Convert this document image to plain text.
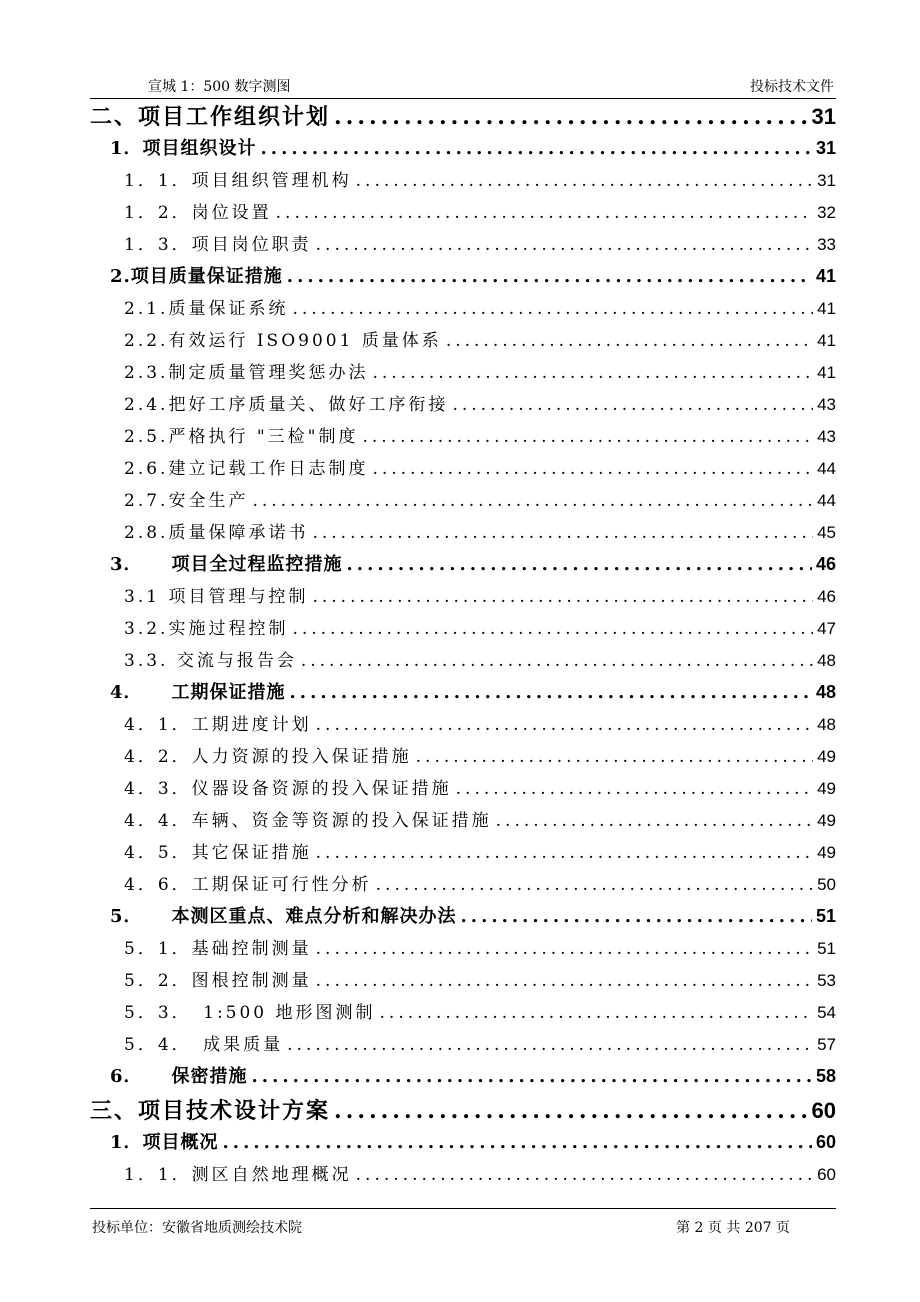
宣城 1：500 数字测图	投标技术文件
二、项目工作组织计划 .....	31
1．项目组织设计 .....	31
1．1．项目组织管理机构 .....	31
1．2．岗位设置 .....	32
1．3．项目岗位职责 .....	33
2.项目质量保证措施 .....	41
2.1.质量保证系统 .....	41
2.2.有效运行 ISO9001 质量体系 .....	41
2.3.制定质量管理奖惩办法 .....	41
2.4.把好工序质量关、做好工序衔接 .....	43
2.5.严格执行 "三检"制度 .....	43
2.6.建立记载工作日志制度 .....	44
2.7.安全生产 .....	44
2.8.质量保障承诺书 .....	45
3．　　项目全过程监控措施 .....	46
3.1 项目管理与控制 .....	46
3.2.实施过程控制 .....	47
3.3. 交流与报告会 .....	48
4．　　工期保证措施 .....	48
4．1．工期进度计划 .....	48
4．2．人力资源的投入保证措施 .....	49
4．3．仪器设备资源的投入保证措施 .....	49
4．4．车辆、资金等资源的投入保证措施 .....	49
4．5．其它保证措施 .....	49
4．6．工期保证可行性分析 .....	50
5．　　本测区重点、难点分析和解决办法 .....	51
5．1．基础控制测量 .....	51
5．2．图根控制测量 .....	53
5．3．　1:500 地形图测制 .....	54
5．4．　成果质量 .....	57
6．　　保密措施 .....	58
三、项目技术设计方案 .....	60
1．项目概况 .....	60
1．1．测区自然地理概况 .....	60
投标单位：安徽省地质测绘技术院	第 2 页 共 207 页
